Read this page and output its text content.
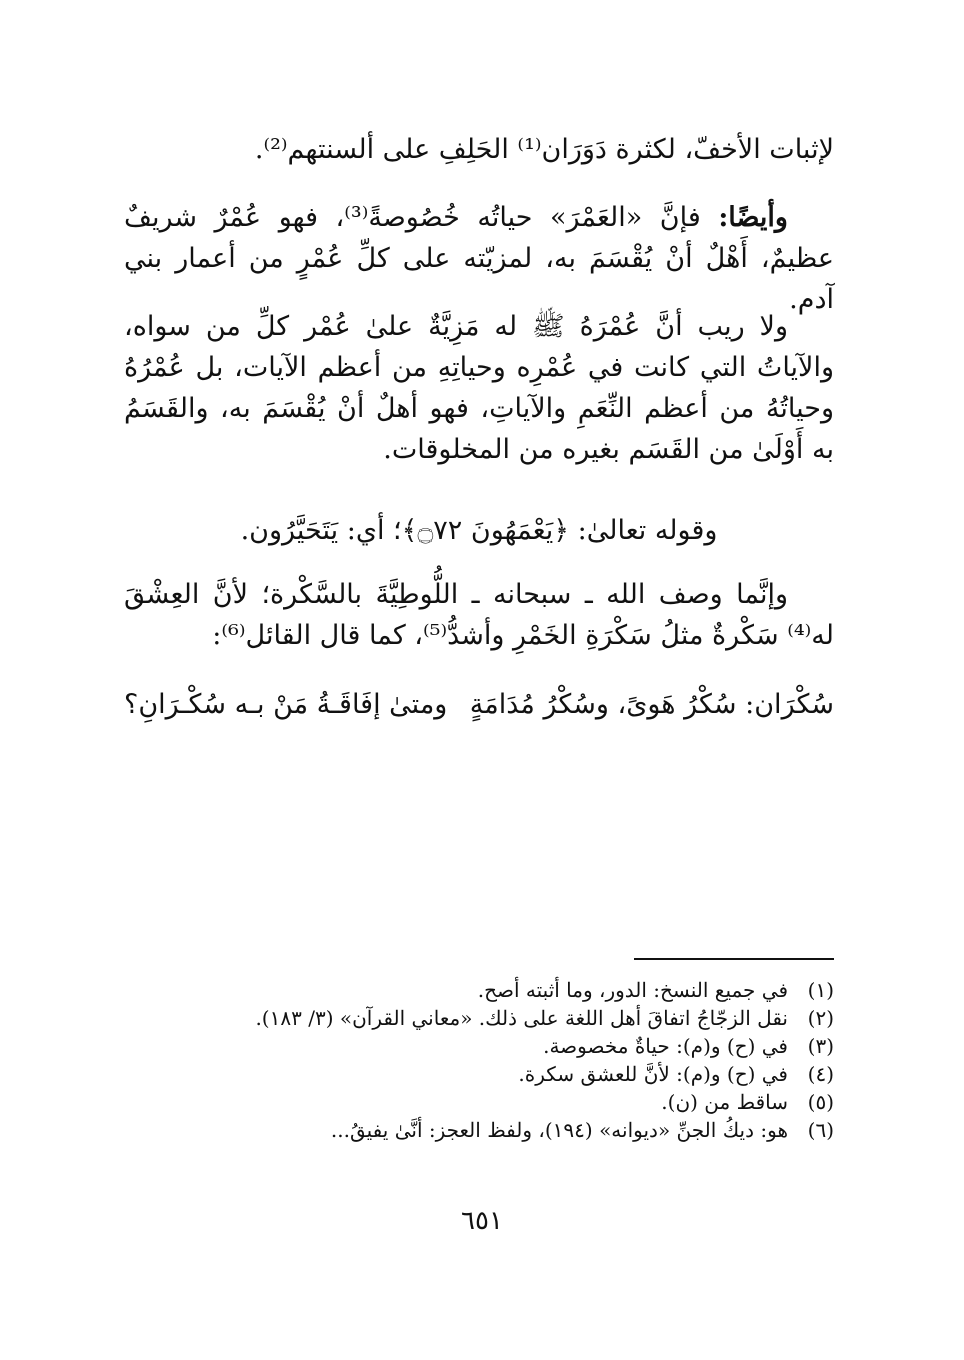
لإثبات الأخفّ، لكثرة دَوَرَان⁽¹⁾ الحَلِفِ على ألسنتهم⁽²⁾.

وأيضًا: فإنَّ «العَمْرَ» حياتُه خُصُوصةً⁽³⁾، فهو عُمْرٌ شريفٌ عظيمٌ، أَهْلٌ أنْ يُقْسَمَ به، لمزيّته على كلِّ عُمْرٍ من أعمار بني آدم.

ولا ريب أنَّ عُمْرَهُ ﷺ له مَزِيَّةٌ علىٰ عُمْر كلِّ من سواه، والآياتُ التي كانت في عُمْرِه وحياتِهِ من أعظم الآيات، بل عُمْرُهُ وحياتُهُ من أعظم النِّعَمِ والآياتِ، فهو أهلٌ أنْ يُقْسَمَ به، والقَسَمُ به أَوْلَىٰ من القَسَم بغيره من المخلوقات.

وقوله تعالىٰ: ﴿يَعْمَهُونَ ۝٧٢﴾؛ أي: يَتَحَيَّرُون.

وإنَّما وصف الله ـ سبحانه ـ اللُّوطِيَّةَ بالسَّكْرة؛ لأنَّ العِشْقَ له⁽⁴⁾ سَكْرةٌ مثلُ سَكْرَةِ الخَمْرِ وأشدُّ⁽⁵⁾، كما قال القائل⁽⁶⁾:

سُكْرَان: سُكْرُ هَوىً، وسُكْرُ مُدَامَةٍ
ومتىٰ إفَاقَـةُ مَنْ بـه سُكْـرَانِ؟
(١)
في جميع النسخ: الدور، وما أثبته أصح.
(٢)
نقل الزجّاجُ اتفاقَ أهل اللغة على ذلك. «معاني القرآن» (٣/ ١٨٣).
(٣)
في (ح) و(م): حياةٌ مخصوصة.
(٤)
في (ح) و(م): لأنَّ للعشق سكرة.
(٥)
ساقط من (ن).
(٦)
هو: ديكُ الجنِّ «ديوانه» (١٩٤)، ولفظ العجز: أنَّىٰ يفيقُ...
٦٥١
